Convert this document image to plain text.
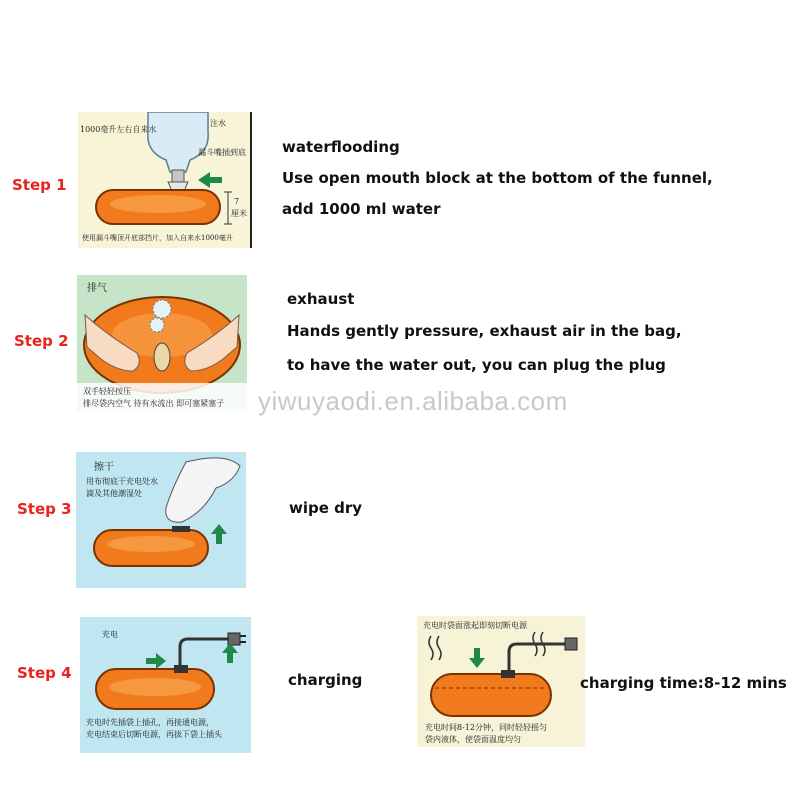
Step 1
Step 2
Step 3
Step 4
1000毫升左右自来水
注水
漏斗嘴插到底
7
厘米
使用漏斗嘴顶开底部挡片，加入自来水1000毫升
waterflooding
Use open mouth block at the bottom of the funnel,
add 1000 ml water
排气
双手轻轻按压
排尽袋内空气 待有水流出 即可塞紧塞子
exhaust
Hands gently pressure, exhaust air in the bag,
to have the water out, you can plug the plug
擦干
用布彻底干充电处水
滴及其他潮湿处
wipe dry
充电
充电时先插袋上插孔，再接通电源，
充电结束后切断电源，再拔下袋上插头
charging
充电时袋面涨起即刻切断电源
充电时间8-12分钟，同时轻轻摇匀
袋内液体，使袋面温度均匀
charging time:8-12 mins
yiwuyaodi.en.alibaba.com
